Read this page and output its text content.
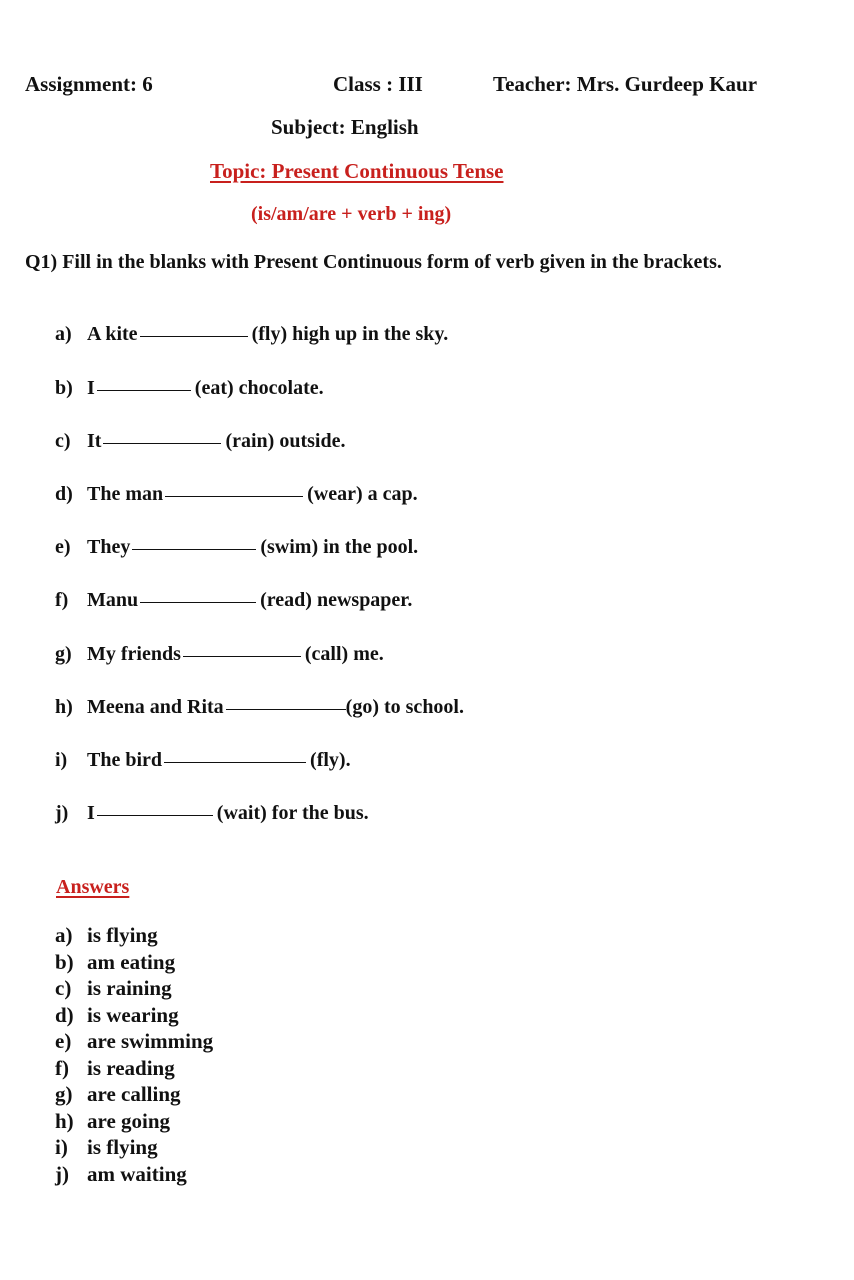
Assignment: 6	Class : III	Teacher: Mrs. Gurdeep Kaur
Subject: English
Topic: Present Continuous Tense
(is/am/are + verb + ing)
Q1) Fill in the blanks with Present Continuous form of verb given in the brackets.
a) A kite	(fly) high up in the sky.
b) I	(eat) chocolate.
c) It	(rain) outside.
d) The man	(wear) a cap.
e) They	(swim) in the pool.
f) Manu	(read) newspaper.
g) My friends	(call) me.
h) Meena and Rita	(go) to school.
i) The bird	(fly).
j) I	(wait) for the bus.
Answers
a) is flying
b) am eating
c) is raining
d) is wearing
e) are swimming
f) is reading
g) are calling
h) are going
i) is flying
j) am waiting
